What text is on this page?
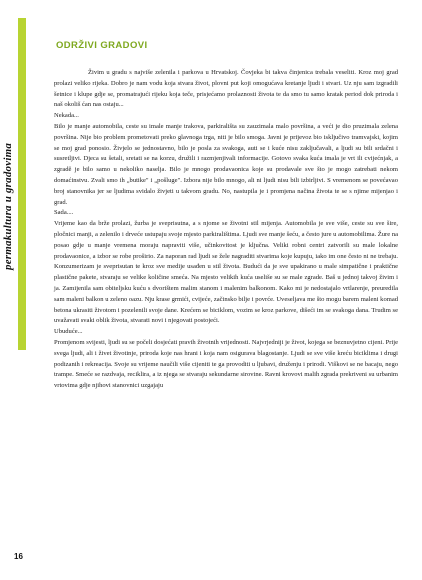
permakultura u gradovima
ODRŽIVI GRADOVI

Živim u gradu s najviše zelenila i parkova u Hrvatskoj. Čovjeka bi takva činjenica trebala veseliti. Kroz moj grad prolazi veliko rijeka. Dobro je nam vodu koja stvara život, plovni put koji omogućava kretanje ljudi i stvari. Uz nju sam izgradili šetnice i klupe gdje se, promatrajući rijeku koja teče, prisjećamo prolaznosti života te da smo tu samo kratak period dok priroda i naš okoliš ćan nas ostaju...

Nekada...

Bilo je manje automobila, ceste su imale manje trakova, parkirališta su zauzimala malo površina, a veći je dio pruzimala zelena površina. Nije bio problem prometovati preko glavnoga trga, niti je bilo smoga. Javni je prijevoz bio isključivo tramvajski, kojim se moj grad ponosio. Živjelo se jednostavno, bilo je posla za svakoga, auti se i kuće nisu zaključavali, a ljudi su bili srdačni i susretljivi. Djeca su šetali, sretati se na korzu, družili i razmjenjivali informacije. Gotovo svaka kuća imala je vrt ili cvijećnjak, a zgradě je bilo samo u nekoliko naselja. Bilo je mnogo prodavaonica koje su prodavale sve što je mogo zatrebati nekom domaćinstvu. Zvali smo ih „butike" i „pošluge". Izbora nije bilo mnogo, ali ni ljudi nisu bili izbirljivi. S vremenom se povećavao broj stanovnika jer se ljudima svidalo živjeti u takvom gradu. No, nastupila je i promjena načina života te se s njime mijenjao i grad.

Sada....

Vrijeme kao da brže prolazi, žurba je sveprisutna, a s njome se životni stil mijenja. Automobila je sve više, ceste su sve šire, pločnici manji, a zelenilo i drveće ustupaju svoje mjesto parkiralištima. Ljudi sve manje šeću, a često jure u automobilima. Žure na posao gdje u manje vremena moraju napraviti više, učinkovitost je ključna. Veliki robni centri zatvorili su male lokalne prodavaonice, a izbor se robe proširio. Za naporan rad ljudi se žele nagraditi stvarima koje kupuju, iako im one često ni ne trebaju. Konzumerizam je sveprisutan te kroz sve medije usađen u stil života. Budući da je sve upakirano u male simpatične i praktične plastične pakete, stvaraju se velike količine smeća. Na mjesto velikih kuća useliše su se male zgrade. Baš u jednoj takvoj živim i ja. Zamijenila sam obiteljsku kuću s dvorištem malim stanom i malenim balkonom. Kako mi je nedostajalo vrtlarenje, preuredila sam maleni balkon u zeleno oazu. Nju krase grmići, cvijeće, začinsko bilje i povrće. Uveseljava me što mogu barem maleni komad betona ukrasiti životom i pozelenili svoje dane. Krećem se biciklom, vozim se kroz parkove, dišeći im se svakoga dana. Trudim se uvažavati svaki oblik života, stvarati novi i njegovati postojeći.

Ubuduće...

Promjenom svijesti, ljudi su se počeli dosjećati pravih životnih vrijednosti. Najvrjedniji je život, kojega se beznuvjetno cijeni. Prije svega ljudi, ali i živet životinje, priroda koje nas hrani i koja nam osigurava blagostanje. Ljudi se sve više kreću biciklima i drugi podizanih i rekreacija. Svoje su vrijeme naučili više cijeniti te ga provoditi u ljubavi, druženju i prirodi. Viškovi se ne bacaju, nego trampe. Smeće se razdvaja, reciklira, a iz njega se stvaraju sekundarne sirovine. Ravni krovovi malih zgrada prekriveni su urbanim vrtovima gdje njihovi stanovnici uzgajaju

16
